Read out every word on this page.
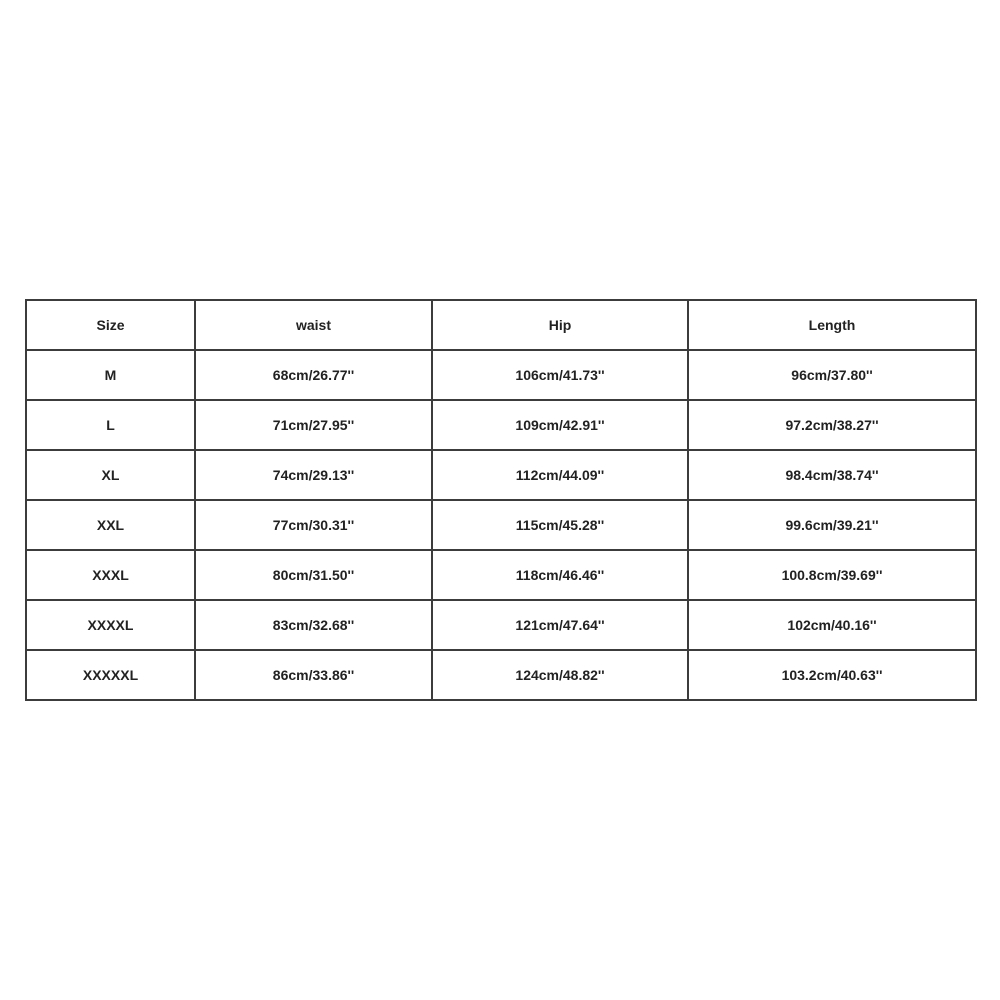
Size	waist	Hip	Length
M	68cm/26.77''	106cm/41.73''	96cm/37.80''
L	71cm/27.95''	109cm/42.91''	97.2cm/38.27''
XL	74cm/29.13''	112cm/44.09''	98.4cm/38.74''
XXL	77cm/30.31''	115cm/45.28''	99.6cm/39.21''
XXXL	80cm/31.50''	118cm/46.46''	100.8cm/39.69''
XXXXL	83cm/32.68''	121cm/47.64''	102cm/40.16''
XXXXXL	86cm/33.86''	124cm/48.82''	103.2cm/40.63''
